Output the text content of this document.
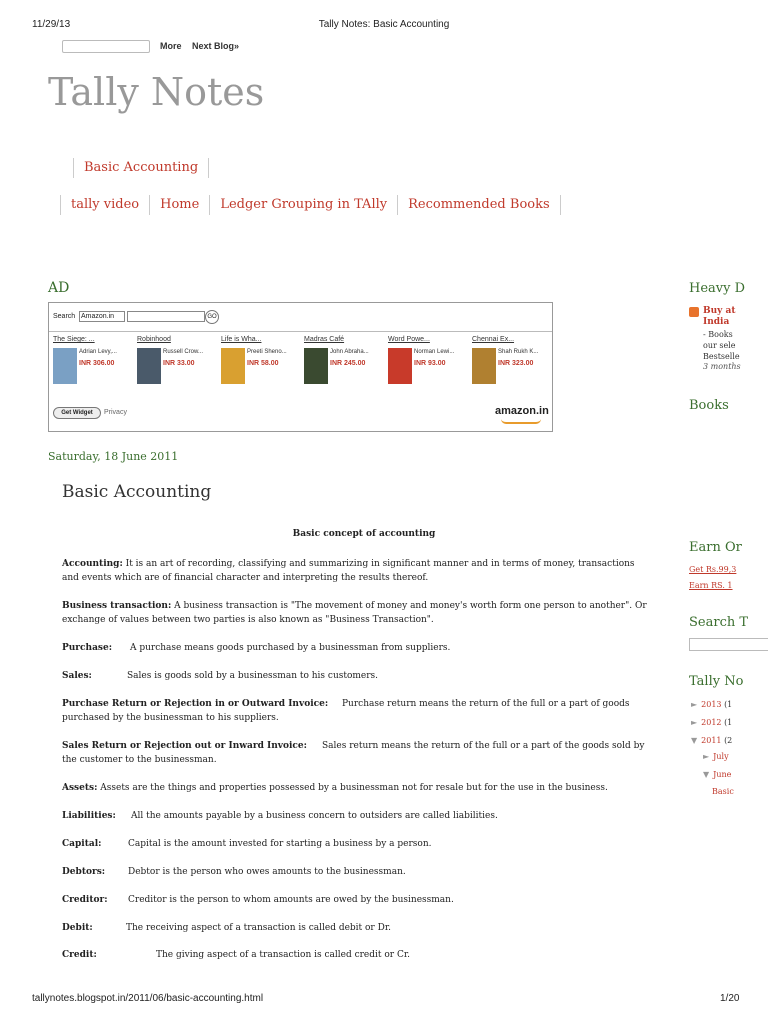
11/29/13	Tally Notes: Basic Accounting
More Next Blog»
Tally Notes
Basic Accounting
tally video	Home	Ledger Grouping in TAlly	Recommended Books
AD
Search Amazon.in	GO
The Siege: ...
Adrian Levy,...
INR 306.00
Robinhood
Russell Crow...
INR 33.00
Life is Wha...
Preeti Sheno...
INR 58.00
Madras Café
John Abraha...
INR 245.00
Word Powe...
Norman Lewi...
INR 93.00
Chennai Ex...
Shah Rukh K...
INR 323.00
Get Widget	Privacy	amazon.in
Saturday, 18 June 2011
Basic Accounting
Basic concept of accounting
Accounting: It is an art of recording, classifying and summarizing in significant manner and in terms of money, transactions and events which are of financial character and interpreting the results thereof.
Business transaction: A business transaction is "The movement of money and money's worth form one person to another". Or exchange of values between two parties is also known as "Business Transaction".
Purchase: A purchase means goods purchased by a businessman from suppliers.
Sales:	Sales is goods sold by a businessman to his customers.
Purchase Return or Rejection in or Outward Invoice: Purchase return means the return of the full or a part of goods purchased by the businessman to his suppliers.
Sales Return or Rejection out or Inward Invoice: Sales return means the return of the full or a part of the goods sold by the customer to the businessman.
Assets: Assets are the things and properties possessed by a businessman not for resale but for the use in the business.
Liabilities: All the amounts payable by a business concern to outsiders are called liabilities.
Capital:	Capital is the amount invested for starting a business by a person.
Debtors:	Debtor is the person who owes amounts to the businessman.
Creditor: Creditor is the person to whom amounts are owed by the businessman.
Debit:	The receiving aspect of a transaction is called debit or Dr.
Credit:	The giving aspect of a transaction is called credit or Cr.
Heavy D
Buy at
India
- Books
our sele
Bestselle
3 months
Books
Earn Or
Get Rs.99,3
Earn RS. 1
Search T
Tally No
► 2013 (1
► 2012 (1
▼ 2011 (2
► July
▼ June
Basic
tallynotes.blogspot.in/2011/06/basic-accounting.html	1/20
